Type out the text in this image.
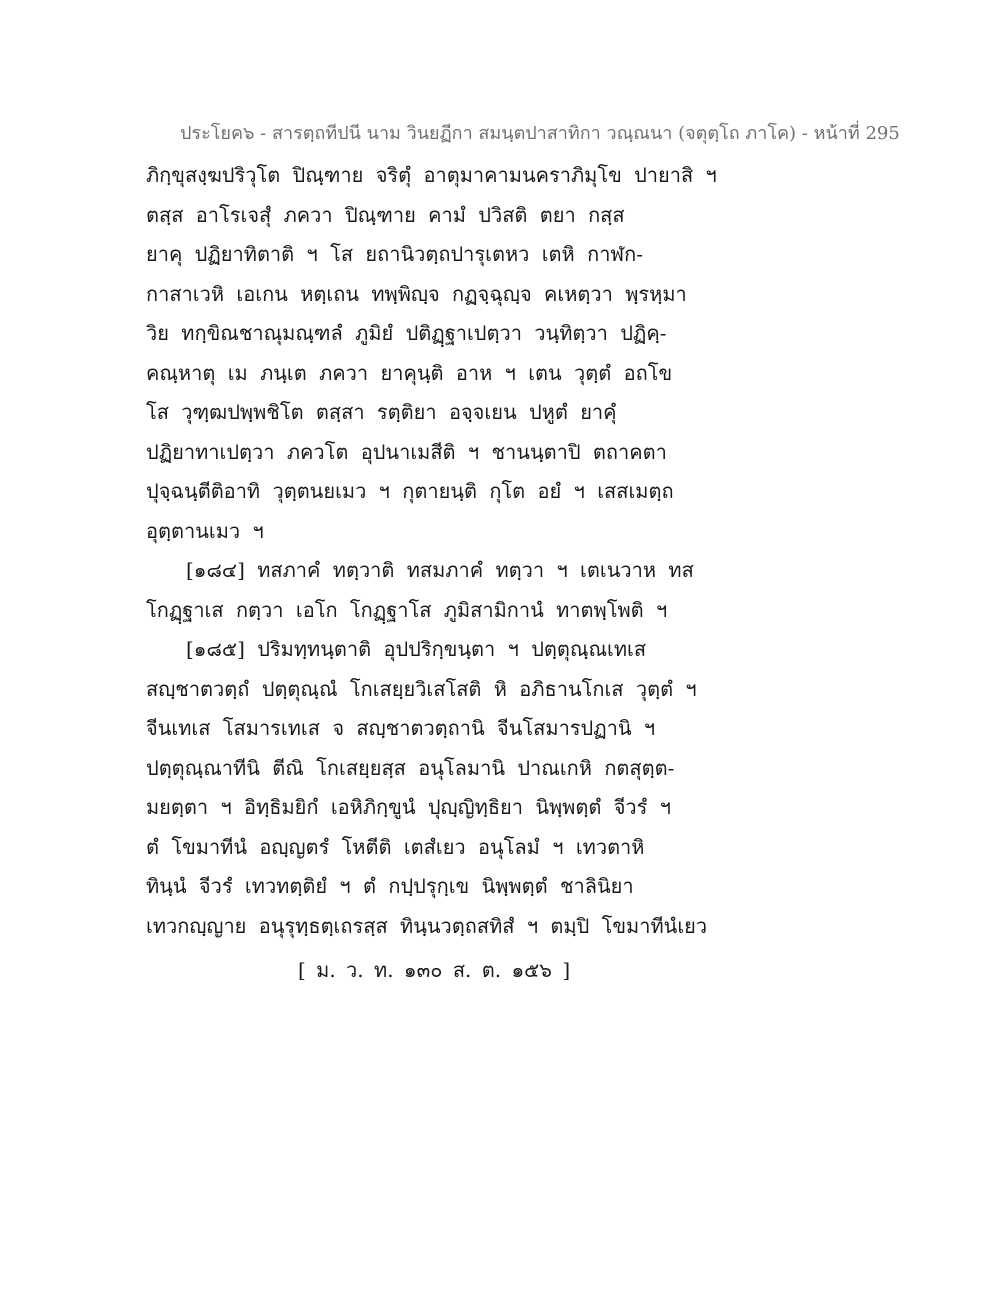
ประโยค๖ - สารตฺถทีปนี นาม วินยฏีกา สมนฺตปาสาทิกา วณฺณนา (จตุตฺโถ ภาโค) - หน้าที่ 295
ภิกฺขุสงฺฆปริวุโต ปิณฺฑาย จริตุํ อาตุมาคามนคราภิมุโข ปายาสิ ฯ
ตสฺส อาโรเจสุํ ภควา ปิณฺฑาย คามํ ปวิสติ ตยา กสฺส
ยาคุ ปฏิยาทิตาติ ฯ โส ยถานิวตฺถปารุเตหว เตหิ กาฬก-
กาสาเวหิ เอเกน หตฺเถน ทพฺพิญฺจ กฏจฺฉุญฺจ คเหตฺวา พฺรหฺมา
วิย ทกฺขิณชาณุมณฺฑลํ ภูมิยํ ปติฏฺฐาเปตฺวา วนฺทิตฺวา ปฏิคฺ-
คณฺหาตุ เม ภนฺเต ภควา ยาคุนฺติ อาห ฯ เตน วุตฺตํ อถโข
โส วุฑฺฒปพฺพชิโต ตสฺสา รตฺติยา อจฺจเยน ปหูตํ ยาคุํ
ปฏิยาทาเปตฺวา ภควโต อุปนาเมสีติ ฯ ชานนฺตาปิ ตถาคตา
ปุจฺฉนฺตีติอาทิ วุตฺตนยเมว ฯ กุตายนฺติ กุโต อยํ ฯ เสสเมตฺถ
อุตฺตานเมว ฯ
[๑๘๔] ทสภาคํ ทตฺวาติ ทสมภาคํ ทตฺวา ฯ เตเนวาห ทส
โกฏฺฐาเส กตฺวา เอโก โกฏฺฐาโส ภูมิสามิกานํ ทาตพฺโพติ ฯ
[๑๘๕] ปริมทฺทนฺตาติ อุปปริกฺขนฺตา ฯ ปตฺตุณฺณเทเส
สญฺชาตวตฺถํ ปตฺตุณฺณํ โกเสยฺยวิเสโสติ หิ อภิธานโกเส วุตฺตํ ฯ
จีนเทเส โสมารเทเส จ สญฺชาตวตฺถานิ จีนโสมารปฏานิ ฯ
ปตฺตุณฺณาทีนิ ตีณิ โกเสยฺยสฺส อนุโลมานิ ปาณเกหิ กตสุตฺต-
มยตฺตา ฯ อิทฺธิมยิกํ เอหิภิกฺขูนํ ปุญฺญิทฺธิยา นิพฺพตฺตํ จีวรํ ฯ
ตํ โขมาทีนํ อญฺญตรํ โหตีติ เตสํเยว อนุโลมํ ฯ เทวตาหิ
ทินฺนํ จีวรํ เทวทตฺติยํ ฯ ตํ กปฺปรุกฺเข นิพฺพตฺตํ ชาลินิยา
เทวกญฺญาย อนุรุทฺธตฺเถรสฺส ทินฺนวตฺถสทิสํ ฯ ตมฺปิ โขมาทีนํเยว
[ ม. ว. ท. ๑๓๐ ส. ต. ๑๕๖ ]
